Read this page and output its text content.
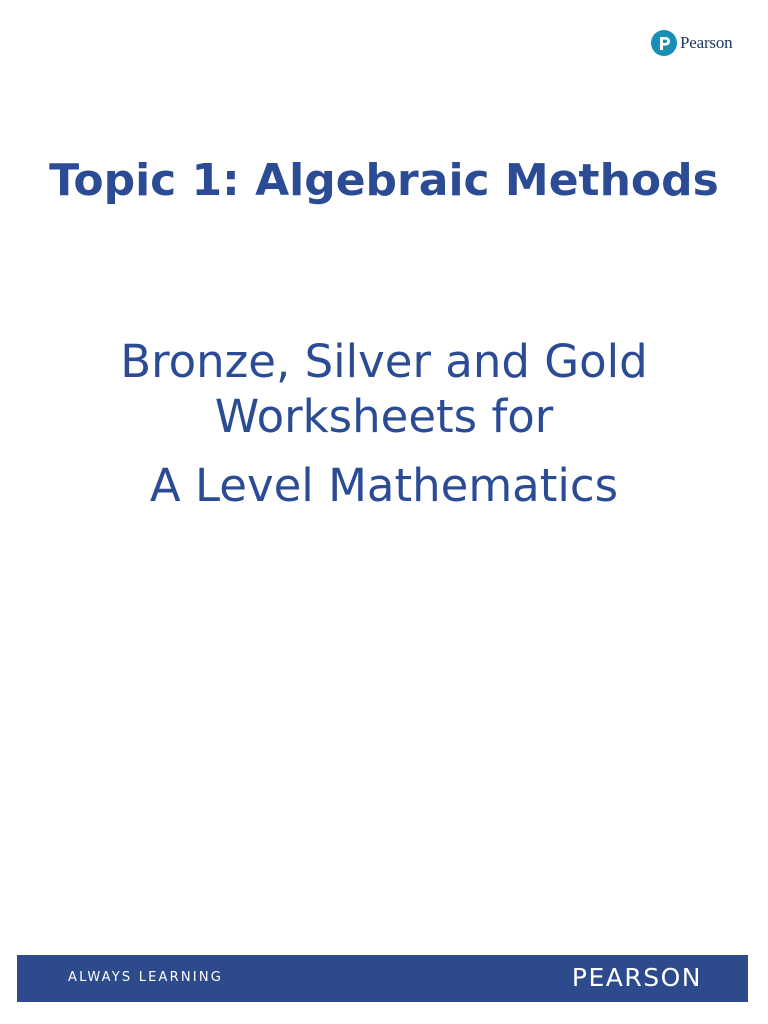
Pearson
Topic 1: Algebraic Methods

Bronze, Silver and Gold
Worksheets for

A Level Mathematics

ALWAYS LEARNING	PEARSON
